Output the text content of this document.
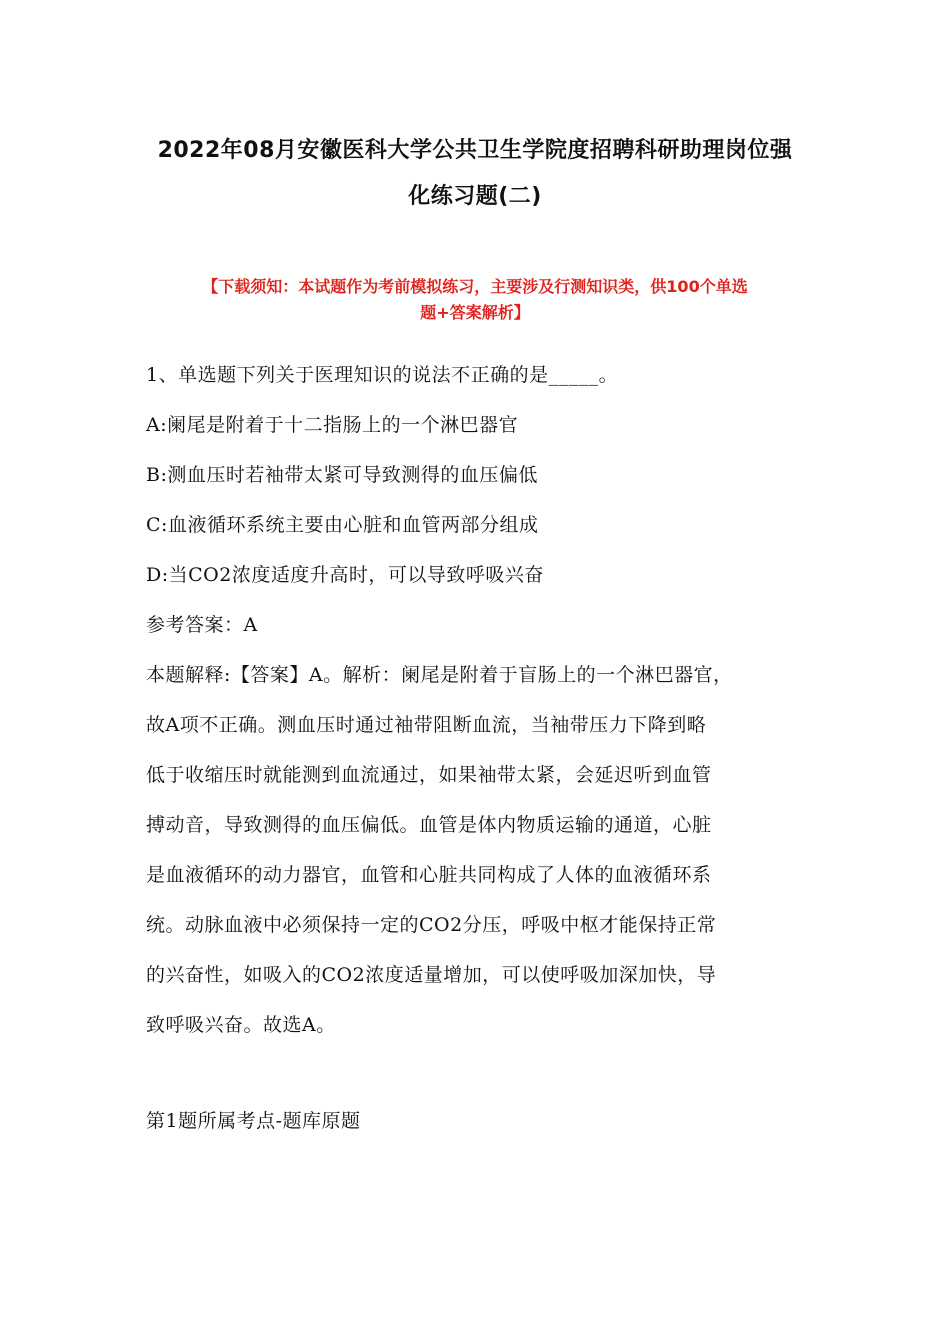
2022年08月安徽医科大学公共卫生学院度招聘科研助理岗位强
化练习题(二)
【下载须知：本试题作为考前模拟练习，主要涉及行测知识类，供100个单选
题+答案解析】
1、单选题下列关于医理知识的说法不正确的是_____。
A:阑尾是附着于十二指肠上的一个淋巴器官
B:测血压时若袖带太紧可导致测得的血压偏低
C:血液循环系统主要由心脏和血管两部分组成
D:当CO2浓度适度升高时，可以导致呼吸兴奋
参考答案：A
本题解释:【答案】A。解析：阑尾是附着于盲肠上的一个淋巴器官，
故A项不正确。测血压时通过袖带阻断血流，当袖带压力下降到略
低于收缩压时就能测到血流通过，如果袖带太紧，会延迟听到血管
搏动音，导致测得的血压偏低。血管是体内物质运输的通道，心脏
是血液循环的动力器官，血管和心脏共同构成了人体的血液循环系
统。动脉血液中必须保持一定的CO2分压，呼吸中枢才能保持正常
的兴奋性，如吸入的CO2浓度适量增加，可以使呼吸加深加快，导
致呼吸兴奋。故选A。
第1题所属考点-题库原题
